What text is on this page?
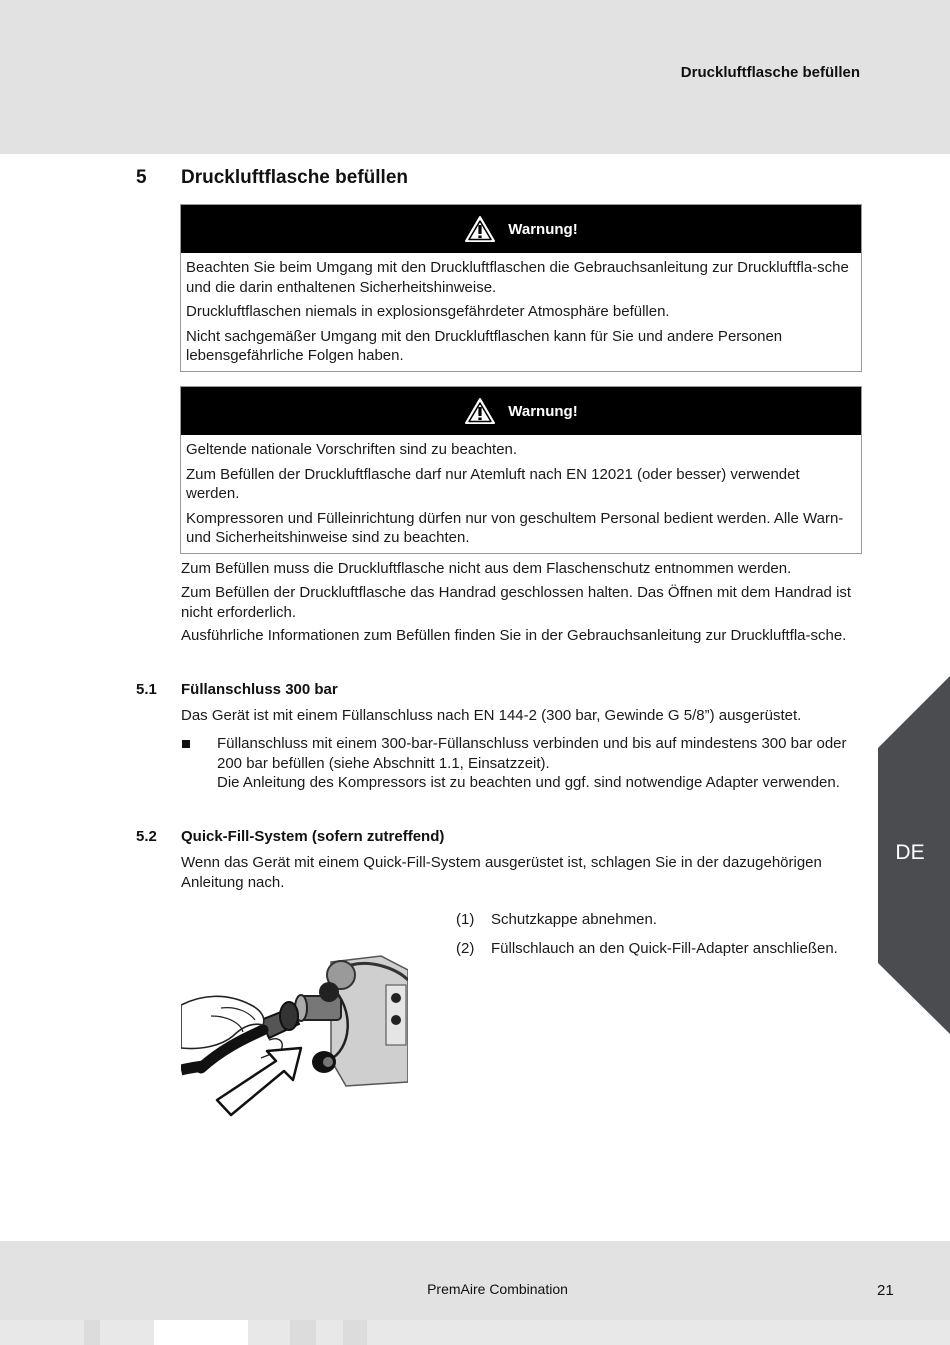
Druckluftflasche befüllen
5 Druckluftflasche befüllen
Warnung!

Beachten Sie beim Umgang mit den Druckluftflaschen die Gebrauchsanleitung zur Druckluftfla-sche und die darin enthaltenen Sicherheitshinweise.

Druckluftflaschen niemals in explosionsgefährdeter Atmosphäre befüllen.

Nicht sachgemäßer Umgang mit den Druckluftflaschen kann für Sie und andere Personen lebensgefährliche Folgen haben.

Warnung!

Geltende nationale Vorschriften sind zu beachten.

Zum Befüllen der Druckluftflasche darf nur Atemluft nach EN 12021 (oder besser) verwendet werden.

Kompressoren und Fülleinrichtung dürfen nur von geschultem Personal bedient werden. Alle Warn- und Sicherheitshinweise sind zu beachten.

Zum Befüllen muss die Druckluftflasche nicht aus dem Flaschenschutz entnommen werden.
Zum Befüllen der Druckluftflasche das Handrad geschlossen halten. Das Öffnen mit dem Handrad ist nicht erforderlich.
Ausführliche Informationen zum Befüllen finden Sie in der Gebrauchsanleitung zur Druckluftfla-sche.
5.1 Füllanschluss 300 bar
Das Gerät ist mit einem Füllanschluss nach EN 144-2 (300 bar, Gewinde G 5/8”) ausgerüstet.
Füllanschluss mit einem 300-bar-Füllanschluss verbinden und bis auf mindestens 300 bar oder 200 bar befüllen (siehe Abschnitt 1.1, Einsatzzeit).
Die Anleitung des Kompressors ist zu beachten und ggf. sind notwendige Adapter verwenden.
5.2 Quick-Fill-System (sofern zutreffend)
Wenn das Gerät mit einem Quick-Fill-System ausgerüstet ist, schlagen Sie in der dazugehörigen Anleitung nach.
(1) Schutzkappe abnehmen.
(2) Füllschlauch an den Quick-Fill-Adapter anschließen.
DE
PremAire Combination	21
